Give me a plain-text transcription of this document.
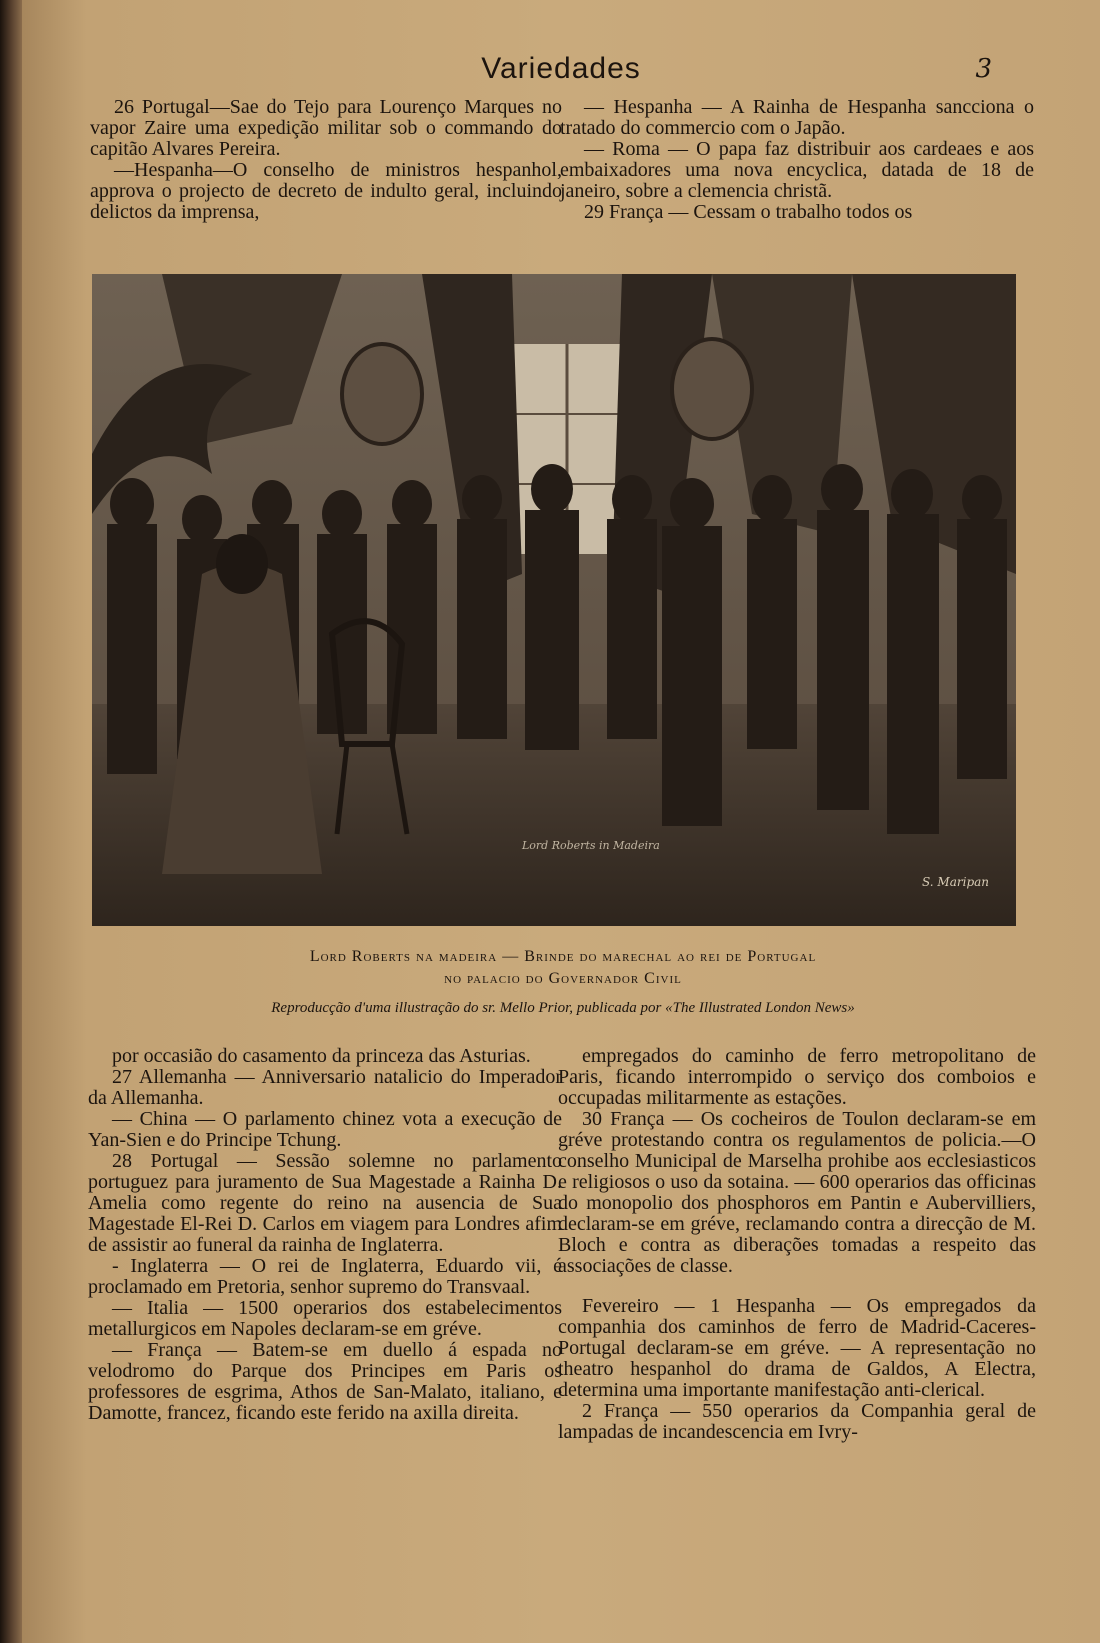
Variedades	3

26 Portugal—Sae do Tejo para Lourenço Marques no vapor Zaire uma expedição militar sob o commando do capitão Alvares Pereira.

—Hespanha—O conselho de ministros hespanhol, approva o projecto de decreto de indulto geral, incluindo delictos da imprensa,

— Hespanha — A Rainha de Hespanha sancciona o tratado do commercio com o Japão.

— Roma — O papa faz distribuir aos cardeaes e aos embaixadores uma nova encyclica, datada de 18 de janeiro, sobre a clemencia christã.

29 França — Cessam o trabalho todos os

Lord Roberts in Madeira
S. Maripan
Lord Roberts na madeira — Brinde do marechal ao rei de Portugal
no palacio do Governador Civil
Reproducção d'uma illustração do sr. Mello Prior, publicada por «The Illustrated London News»

por occasião do casamento da princeza das Asturias.

27 Allemanha — Anniversario natalicio do Imperador da Allemanha.

— China — O parlamento chinez vota a execução de Yan-Sien e do Principe Tchung.

28 Portugal — Sessão solemne no parlamento portuguez para juramento de Sua Magestade a Rainha D. Amelia como regente do reino na ausencia de Sua Magestade El-Rei D. Carlos em viagem para Londres afim de assistir ao funeral da rainha de Inglaterra.

- Inglaterra — O rei de Inglaterra, Eduardo vii, é proclamado em Pretoria, senhor supremo do Transvaal.

— Italia — 1500 operarios dos estabelecimentos metallurgicos em Napoles declaram-se em gréve.

— França — Batem-se em duello á espada no velodromo do Parque dos Principes em Paris os professores de esgrima, Athos de San-Malato, italiano, e Damotte, francez, ficando este ferido na axilla direita.

empregados do caminho de ferro metropolitano de Paris, ficando interrompido o serviço dos comboios e occupadas militarmente as estações.

30 França — Os cocheiros de Toulon declaram-se em gréve protestando contra os regulamentos de policia.—O conselho Municipal de Marselha prohibe aos ecclesiasticos e religiosos o uso da sotaina. — 600 operarios das officinas do monopolio dos phosphoros em Pantin e Aubervilliers, declaram-se em gréve, reclamando contra a direcção de M. Bloch e contra as diberações tomadas a respeito das associações de classe.

Fevereiro — 1 Hespanha — Os empregados da companhia dos caminhos de ferro de Madrid-Caceres-Portugal declaram-se em gréve. — A representação no theatro hespanhol do drama de Galdos, A Electra, determina uma importante manifestação anti-clerical.

2 França — 550 operarios da Companhia geral de lampadas de incandescencia em Ivry-
